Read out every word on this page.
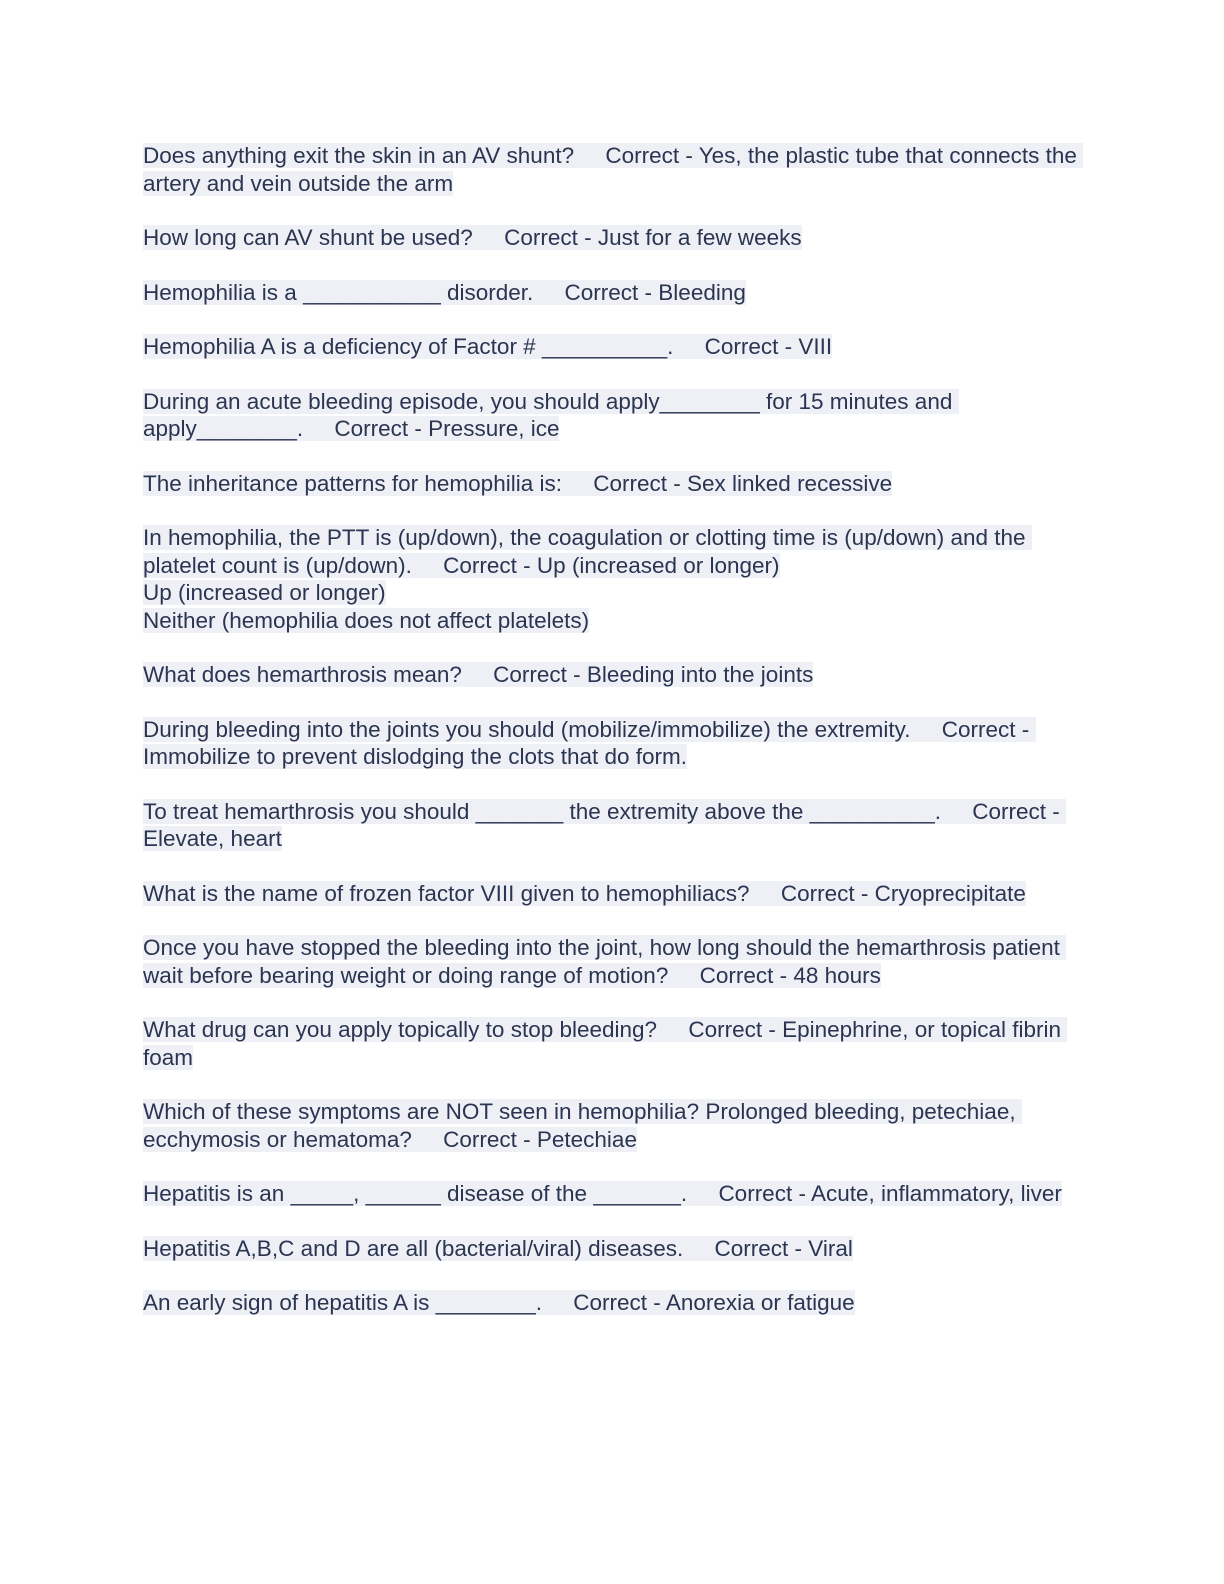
Does anything exit the skin in an AV shunt? Correct - Yes, the plastic tube that connects the artery and vein outside the arm

How long can AV shunt be used? Correct - Just for a few weeks

Hemophilia is a ___________ disorder. Correct - Bleeding

Hemophilia A is a deficiency of Factor # __________. Correct - VIII

During an acute bleeding episode, you should apply________ for 15 minutes and apply________. Correct - Pressure, ice

The inheritance patterns for hemophilia is: Correct - Sex linked recessive

In hemophilia, the PTT is (up/down), the coagulation or clotting time is (up/down) and the platelet count is (up/down). Correct - Up (increased or longer)
Up (increased or longer)
Neither (hemophilia does not affect platelets)

What does hemarthrosis mean? Correct - Bleeding into the joints

During bleeding into the joints you should (mobilize/immobilize) the extremity. Correct - Immobilize to prevent dislodging the clots that do form.

To treat hemarthrosis you should _______ the extremity above the __________. Correct - Elevate, heart

What is the name of frozen factor VIII given to hemophiliacs? Correct - Cryoprecipitate

Once you have stopped the bleeding into the joint, how long should the hemarthrosis patient wait before bearing weight or doing range of motion? Correct - 48 hours

What drug can you apply topically to stop bleeding? Correct - Epinephrine, or topical fibrin foam

Which of these symptoms are NOT seen in hemophilia? Prolonged bleeding, petechiae, ecchymosis or hematoma? Correct - Petechiae

Hepatitis is an _____, ______ disease of the _______. Correct - Acute, inflammatory, liver

Hepatitis A,B,C and D are all (bacterial/viral) diseases. Correct - Viral

An early sign of hepatitis A is ________. Correct - Anorexia or fatigue
